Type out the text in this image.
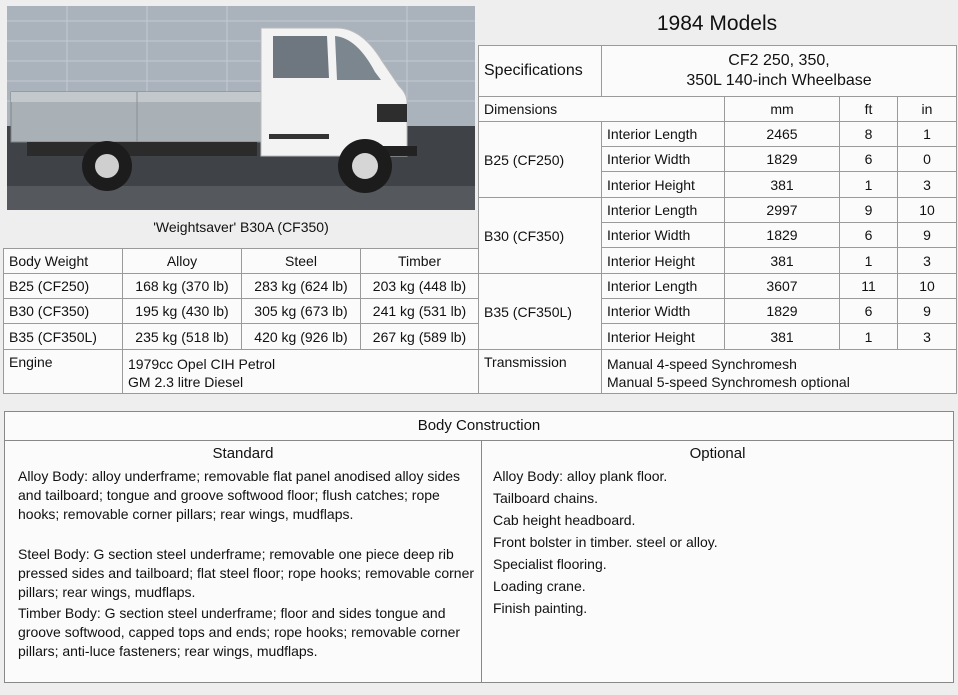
'Weightsaver' B30A (CF350)
1984 Models
Specifications
CF2 250, 350,
350L 140-inch Wheelbase
Dimensions	mm	ft	in
B25 (CF250)
Interior Length	2465	8	1
Interior Width	1829	6	0
Interior Height	381	1	3
B30 (CF350)
Interior Length	2997	9	10
Interior Width	1829	6	9
Interior Height	381	1	3
B35 (CF350L)
Interior Length	3607	11	10
Interior Width	1829	6	9
Interior Height	381	1	3
Transmission	Manual 4-speed Synchromesh
Manual 5-speed Synchromesh optional
Body Weight	Alloy	Steel	Timber
B25 (CF250)	168 kg (370 lb)	283 kg (624 lb)	203 kg (448 lb)
B30 (CF350)	195 kg (430 lb)	305 kg (673 lb)	241 kg (531 lb)
B35 (CF350L)	235 kg (518 lb)	420 kg (926 lb)	267 kg (589 lb)
Engine	1979cc Opel CIH Petrol
GM 2.3 litre Diesel
Body Construction
Standard	Optional
Alloy Body: alloy underframe; removable flat panel anodised alloy sides and tailboard; tongue and groove softwood floor; flush catches; rope hooks; removable corner pillars; rear wings, mudflaps.
Steel Body: G section steel underframe; removable one piece deep rib pressed sides and tailboard; flat steel floor; rope hooks; removable corner pillars; rear wings, mudflaps.
Timber Body: G section steel underframe; floor and sides tongue and groove softwood, capped tops and ends; rope hooks; removable corner pillars; anti-luce fasteners; rear wings, mudflaps.
Alloy Body: alloy plank floor.
Tailboard chains.
Cab height headboard.
Front bolster in timber. steel or alloy.
Specialist flooring.
Loading crane.
Finish painting.
